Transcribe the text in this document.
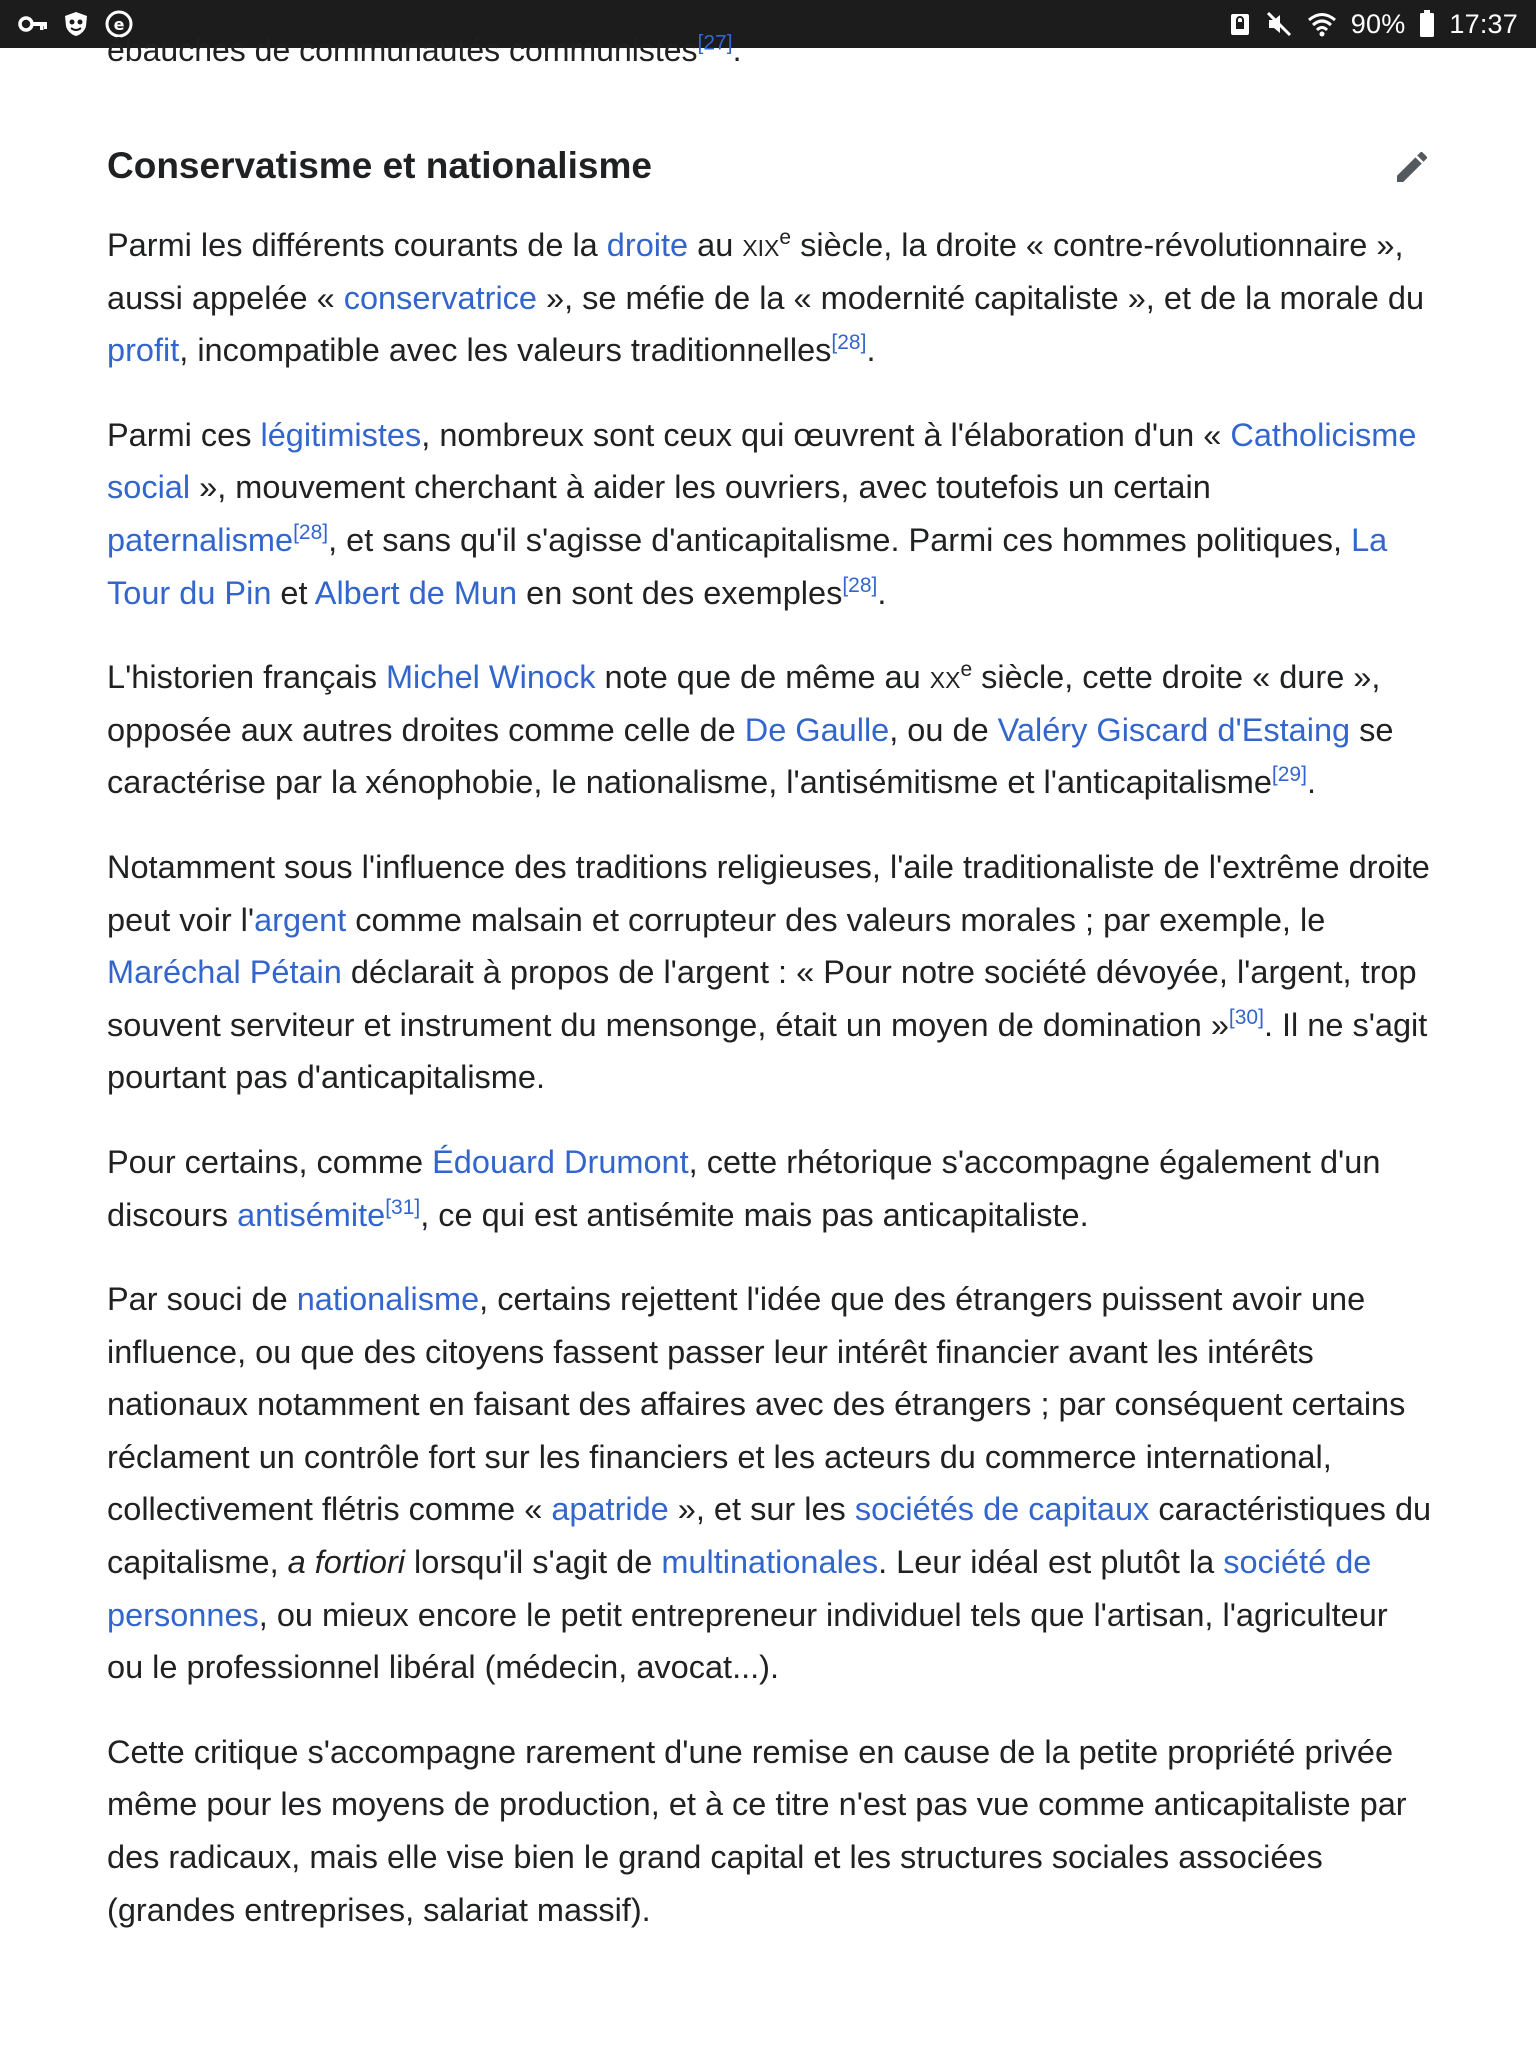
e	90% 17:37
ébauches de communautés communistes[27].
Conservatisme et nationalisme

Parmi les différents courants de la droite au xix$^e$ siècle, la droite « contre-révolutionnaire », aussi appelée « conservatrice », se méfie de la « modernité capitaliste », et de la morale du profit, incompatible avec les valeurs traditionnelles[28].

Parmi ces légitimistes, nombreux sont ceux qui œuvrent à l'élaboration d'un « Catholicisme social », mouvement cherchant à aider les ouvriers, avec toutefois un certain paternalisme[28], et sans qu'il s'agisse d'anticapitalisme. Parmi ces hommes politiques, La Tour du Pin et Albert de Mun en sont des exemples[28].

L'historien français Michel Winock note que de même au $xx^e$ siècle, cette droite « dure », opposée aux autres droites comme celle de De Gaulle, ou de Valéry Giscard d'Estaing se caractérise par la xénophobie, le nationalisme, l'antisémitisme et l'anticapitalisme[29].

Notamment sous l'influence des traditions religieuses, l'aile traditionaliste de l'extrême droite peut voir l'argent comme malsain et corrupteur des valeurs morales ; par exemple, le Maréchal Pétain déclarait à propos de l'argent : « Pour notre société dévoyée, l'argent, trop souvent serviteur et instrument du mensonge, était un moyen de domination »[30]. Il ne s'agit pourtant pas d'anticapitalisme.

Pour certains, comme Édouard Drumont, cette rhétorique s'accompagne également d'un discours antisémite[31], ce qui est antisémite mais pas anticapitaliste.

Par souci de nationalisme, certains rejettent l'idée que des étrangers puissent avoir une influence, ou que des citoyens fassent passer leur intérêt financier avant les intérêts nationaux notamment en faisant des affaires avec des étrangers ; par conséquent certains réclament un contrôle fort sur les financiers et les acteurs du commerce international, collectivement flétris comme « apatride », et sur les sociétés de capitaux caractéristiques du capitalisme, a fortiori lorsqu'il s'agit de multinationales. Leur idéal est plutôt la société de personnes, ou mieux encore le petit entrepreneur individuel tels que l'artisan, l'agriculteur ou le professionnel libéral (médecin, avocat...).

Cette critique s'accompagne rarement d'une remise en cause de la petite propriété privée même pour les moyens de production, et à ce titre n'est pas vue comme anticapitaliste par des radicaux, mais elle vise bien le grand capital et les structures sociales associées (grandes entreprises, salariat massif).
